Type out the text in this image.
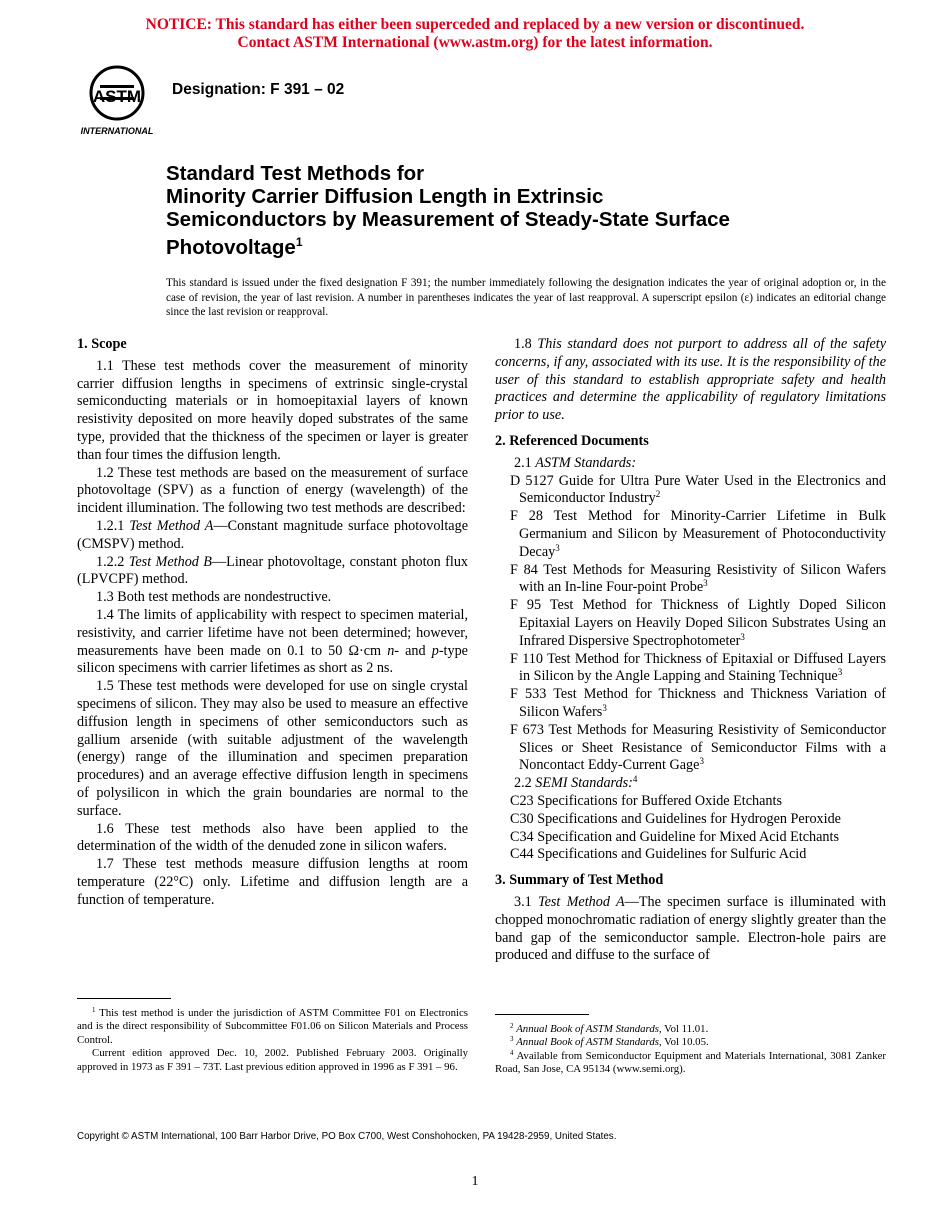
NOTICE: This standard has either been superceded and replaced by a new version or discontinued.
Contact ASTM International (www.astm.org) for the latest information.
ASTM
INTERNATIONAL
Designation: F 391 – 02
Standard Test Methods for
Minority Carrier Diffusion Length in Extrinsic
Semiconductors by Measurement of Steady-State Surface
Photovoltage$^1$
This standard is issued under the fixed designation F 391; the number immediately following the designation indicates the year of original adoption or, in the case of revision, the year of last revision. A number in parentheses indicates the year of last reapproval. A superscript epsilon (ε) indicates an editorial change since the last revision or reapproval.
1. Scope

1.1 These test methods cover the measurement of minority carrier diffusion lengths in specimens of extrinsic single-crystal semiconducting materials or in homoepitaxial layers of known resistivity deposited on more heavily doped substrates of the same type, provided that the thickness of the specimen or layer is greater than four times the diffusion length.

1.2 These test methods are based on the measurement of surface photovoltage (SPV) as a function of energy (wavelength) of the incident illumination. The following two test methods are described:

1.2.1 Test Method A—Constant magnitude surface photovoltage (CMSPV) method.

1.2.2 Test Method B—Linear photovoltage, constant photon flux (LPVCPF) method.

1.3 Both test methods are nondestructive.

1.4 The limits of applicability with respect to specimen material, resistivity, and carrier lifetime have not been determined; however, measurements have been made on 0.1 to 50 Ω·cm n- and p-type silicon specimens with carrier lifetimes as short as 2 ns.

1.5 These test methods were developed for use on single crystal specimens of silicon. They may also be used to measure an effective diffusion length in specimens of other semiconductors such as gallium arsenide (with suitable adjustment of the wavelength (energy) range of the illumination and specimen preparation procedures) and an average effective diffusion length in specimens of polysilicon in which the grain boundaries are normal to the surface.

1.6 These test methods also have been applied to the determination of the width of the denuded zone in silicon wafers.

1.7 These test methods measure diffusion lengths at room temperature (22°C) only. Lifetime and diffusion length are a function of temperature.

$^1$ This test method is under the jurisdiction of ASTM Committee F01 on Electronics and is the direct responsibility of Subcommittee F01.06 on Silicon Materials and Process Control.

Current edition approved Dec. 10, 2002. Published February 2003. Originally approved in 1973 as F 391 – 73T. Last previous edition approved in 1996 as F 391 – 96.

1.8 This standard does not purport to address all of the safety concerns, if any, associated with its use. It is the responsibility of the user of this standard to establish appropriate safety and health practices and determine the applicability of regulatory limitations prior to use.

2. Referenced Documents

2.1 ASTM Standards:

D 5127 Guide for Ultra Pure Water Used in the Electronics and Semiconductor Industry$^2$

F 28 Test Method for Minority-Carrier Lifetime in Bulk Germanium and Silicon by Measurement of Photoconductivity Decay$^3$

F 84 Test Methods for Measuring Resistivity of Silicon Wafers with an In-line Four-point Probe$^3$

F 95 Test Method for Thickness of Lightly Doped Silicon Epitaxial Layers on Heavily Doped Silicon Substrates Using an Infrared Dispersive Spectrophotometer$^3$

F 110 Test Method for Thickness of Epitaxial or Diffused Layers in Silicon by the Angle Lapping and Staining Technique$^3$

F 533 Test Method for Thickness and Thickness Variation of Silicon Wafers$^3$

F 673 Test Methods for Measuring Resistivity of Semiconductor Slices or Sheet Resistance of Semiconductor Films with a Noncontact Eddy-Current Gage$^3$

2.2 SEMI Standards:$^4$

C23 Specifications for Buffered Oxide Etchants

C30 Specifications and Guidelines for Hydrogen Peroxide

C34 Specification and Guideline for Mixed Acid Etchants

C44 Specifications and Guidelines for Sulfuric Acid

3. Summary of Test Method

3.1 Test Method A—The specimen surface is illuminated with chopped monochromatic radiation of energy slightly greater than the band gap of the semiconductor sample. Electron-hole pairs are produced and diffuse to the surface of

$^2$ Annual Book of ASTM Standards, Vol 11.01.

$^3$ Annual Book of ASTM Standards, Vol 10.05.

$^4$ Available from Semiconductor Equipment and Materials International, 3081 Zanker Road, San Jose, CA 95134 (www.semi.org).

Copyright © ASTM International, 100 Barr Harbor Drive, PO Box C700, West Conshohocken, PA 19428-2959, United States.
1
